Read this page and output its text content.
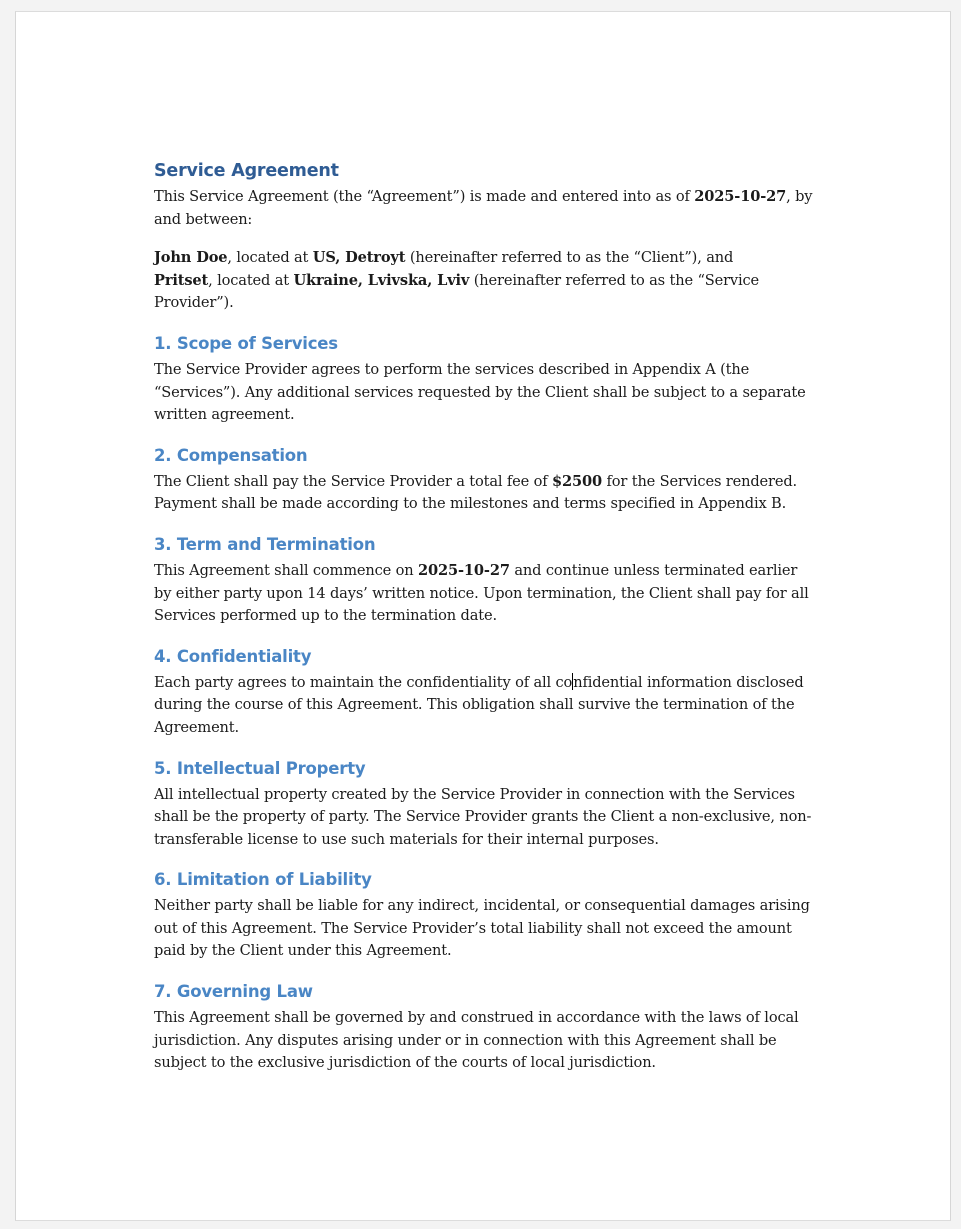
Service Agreement

This Service Agreement (the “Agreement”) is made and entered into as of 2025-10-27, by and between:

John Doe, located at US, Detroyt (hereinafter referred to as the “Client”), and
Pritset, located at Ukraine, Lvivska, Lviv (hereinafter referred to as the “Service Provider”).

1. Scope of Services

The Service Provider agrees to perform the services described in Appendix A (the “Services”). Any additional services requested by the Client shall be subject to a separate written agreement.

2. Compensation

The Client shall pay the Service Provider a total fee of $2500 for the Services rendered. Payment shall be made according to the milestones and terms specified in Appendix B.

3. Term and Termination

This Agreement shall commence on 2025-10-27 and continue unless terminated earlier by either party upon 14 days’ written notice. Upon termination, the Client shall pay for all Services performed up to the termination date.

4. Confidentiality

Each party agrees to maintain the confidentiality of all confidential information disclosed during the course of this Agreement. This obligation shall survive the termination of the Agreement.

5. Intellectual Property

All intellectual property created by the Service Provider in connection with the Services shall be the property of party. The Service Provider grants the Client a non-exclusive, non-transferable license to use such materials for their internal purposes.

6. Limitation of Liability

Neither party shall be liable for any indirect, incidental, or consequential damages arising out of this Agreement. The Service Provider’s total liability shall not exceed the amount paid by the Client under this Agreement.

7. Governing Law

This Agreement shall be governed by and construed in accordance with the laws of local jurisdiction. Any disputes arising under or in connection with this Agreement shall be subject to the exclusive jurisdiction of the courts of local jurisdiction.
